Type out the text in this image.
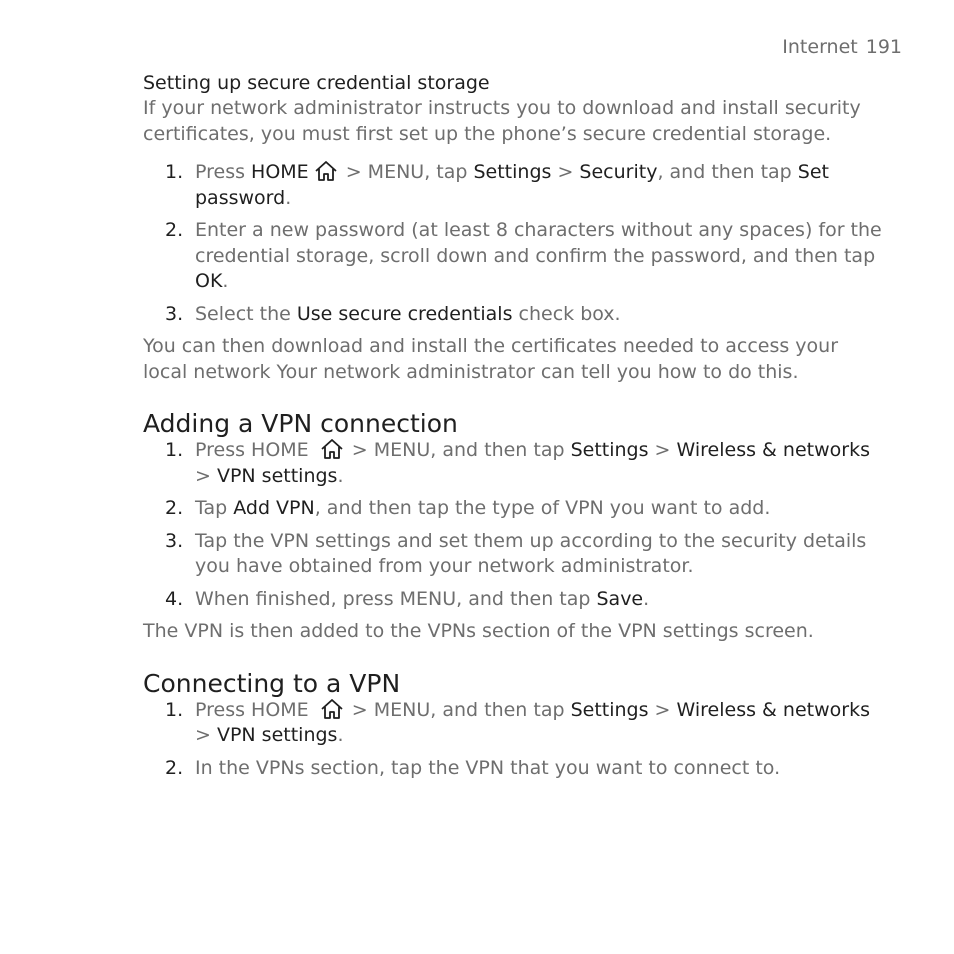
Internet 191
Setting up secure credential storage

If your network administrator instructs you to download and install security certificates, you must first set up the phone’s secure credential storage.

1. Press HOME > MENU, tap Settings > Security, and then tap Set password.
2. Enter a new password (at least 8 characters without any spaces) for the credential storage, scroll down and confirm the password, and then tap OK.
3. Select the Use secure credentials check box.

You can then download and install the certificates needed to access your local network Your network administrator can tell you how to do this.

Adding a VPN connection
1. Press HOME  > MENU, and then tap Settings > Wireless & networks > VPN settings.
2. Tap Add VPN, and then tap the type of VPN you want to add.
3. Tap the VPN settings and set them up according to the security details you have obtained from your network administrator.
4. When finished, press MENU, and then tap Save.

The VPN is then added to the VPNs section of the VPN settings screen.

Connecting to a VPN
1. Press HOME  > MENU, and then tap Settings > Wireless & networks > VPN settings.
2. In the VPNs section, tap the VPN that you want to connect to.
